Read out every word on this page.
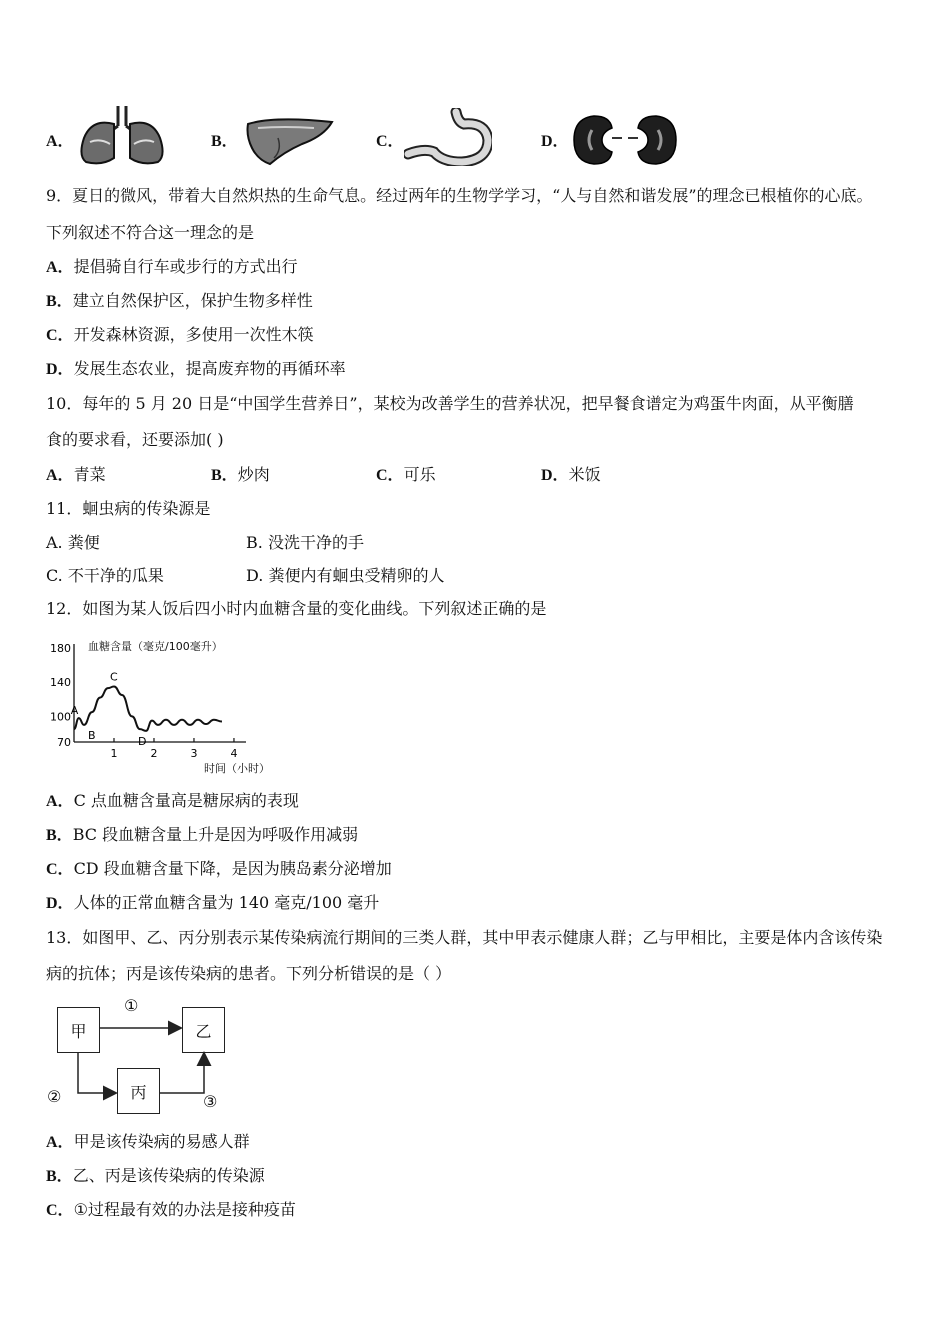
A．	B．	C．	D．
9．夏日的微风，带着大自然炽热的生命气息。经过两年的生物学学习，“人与自然和谐发展”的理念已根植你的心底。
下列叙述不符合这一理念的是
A．提倡骑自行车或步行的方式出行
B．建立自然保护区，保护生物多样性
C．开发森林资源，多使用一次性木筷
D．发展生态农业，提高废弃物的再循环率
10．每年的 5 月 20 日是“中国学生营养日”，某校为改善学生的营养状况，把早餐食谱定为鸡蛋牛肉面，从平衡膳
食的要求看，还要添加( )
A．青菜	B．炒肉	C．可乐	D．米饭
11．蛔虫病的传染源是
A. 粪便	B. 没洗干净的手
C. 不干净的瓜果	D. 粪便内有蛔虫受精卵的人
12．如图为某人饭后四小时内血糖含量的变化曲线。下列叙述正确的是
血糖含量（毫克/100毫升）
时间（小时）
180
140
100
70
1	2	3	4
A
B
C
D
A．C 点血糖含量高是糖尿病的表现
B．BC 段血糖含量上升是因为呼吸作用减弱
C．CD 段血糖含量下降，是因为胰岛素分泌增加
D．人体的正常血糖含量为 140 毫克/100 毫升
13．如图甲、乙、丙分别表示某传染病流行期间的三类人群，其中甲表示健康人群；乙与甲相比，主要是体内含该传染
病的抗体；丙是该传染病的患者。下列分析错误的是（ ）
甲	乙
丙
①
②	③
A．甲是该传染病的易感人群
B．乙、丙是该传染病的传染源
C．①过程最有效的办法是接种疫苗
